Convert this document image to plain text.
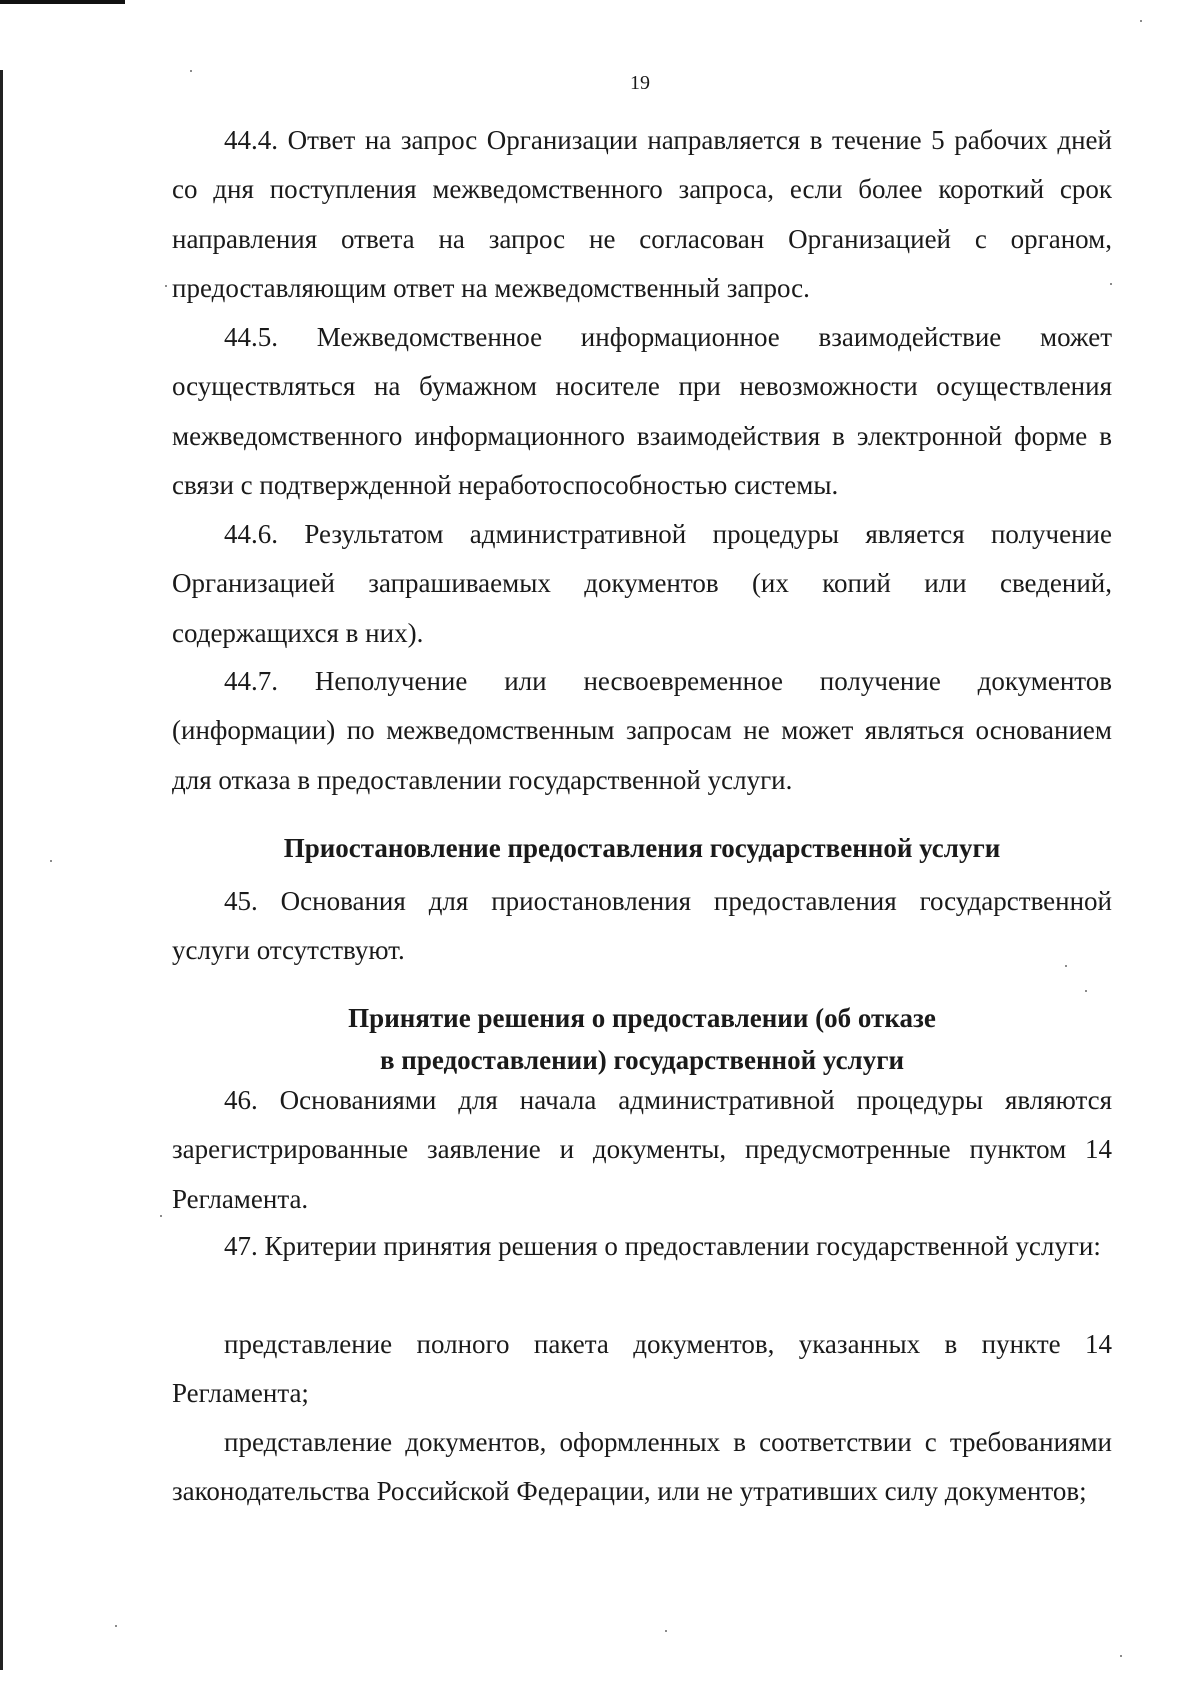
19

44.4. Ответ на запрос Организации направляется в течение 5 рабочих дней со дня поступления межведомственного запроса, если более короткий срок направления ответа на запрос не согласован Организацией с органом, предоставляющим ответ на межведомственный запрос.

44.5. Межведомственное информационное взаимодействие может осуществляться на бумажном носителе при невозможности осуществления межведомственного информационного взаимодействия в электронной форме в связи с подтвержденной неработоспособностью системы.

44.6. Результатом административной процедуры является получение Организацией запрашиваемых документов (их копий или сведений, содержащихся в них).

44.7. Неполучение или несвоевременное получение документов (информации) по межведомственным запросам не может являться основанием для отказа в предоставлении государственной услуги.

Приостановление предоставления государственной услуги

45. Основания для приостановления предоставления государственной услуги отсутствуют.

Принятие решения о предоставлении (об отказе
в предоставлении) государственной услуги

46. Основаниями для начала административной процедуры являются зарегистрированные заявление и документы, предусмотренные пунктом 14 Регламента.

47. Критерии принятия решения о предоставлении государственной услуги:

представление полного пакета документов, указанных в пункте 14 Регламента;

представление документов, оформленных в соответствии с требованиями законодательства Российской Федерации, или не утративших силу документов;
